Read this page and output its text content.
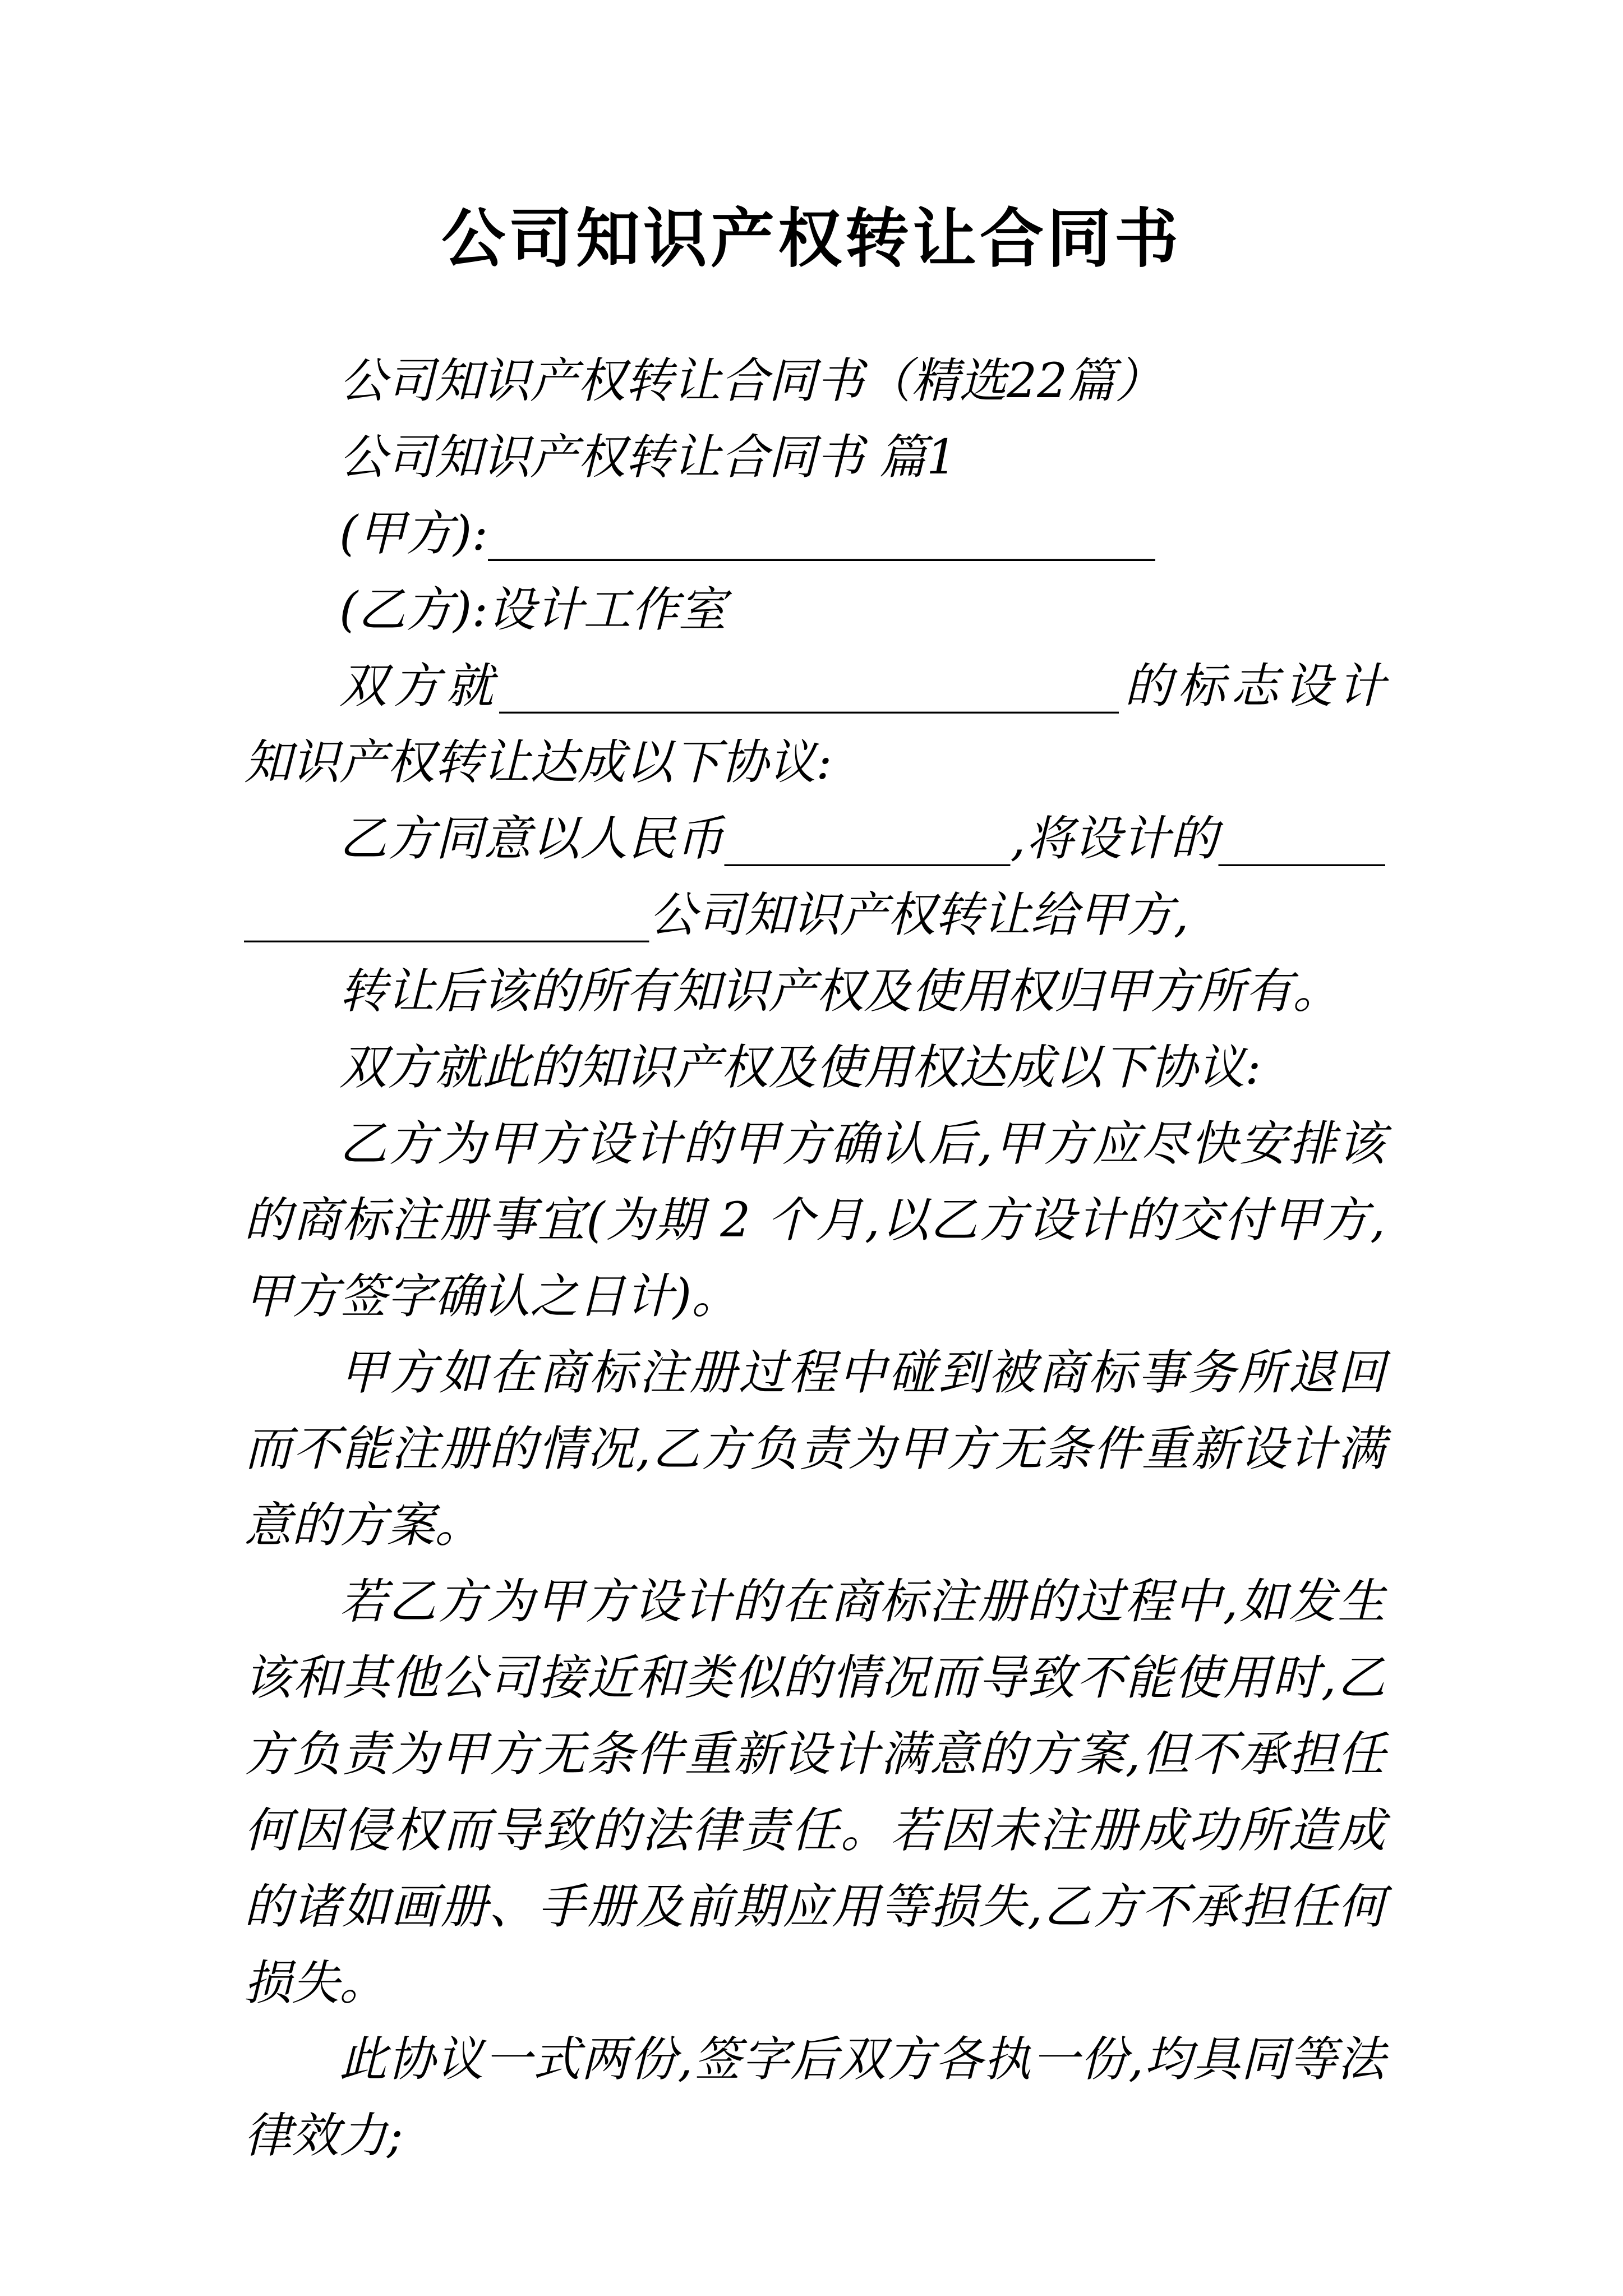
公司知识产权转让合同书

公司知识产权转让合同书（精选22篇）

公司知识产权转让合同书 篇1

(甲方):____________________________

(乙方):设计工作室

双方就__________________________的标志设计知识产权转让达成以下协议:

乙方同意以人民币____________,将设计的________________________公司知识产权转让给甲方,

转让后该的所有知识产权及使用权归甲方所有。

双方就此的知识产权及使用权达成以下协议:

乙方为甲方设计的甲方确认后,甲方应尽快安排该的商标注册事宜(为期 2 个月,以乙方设计的交付甲方,甲方签字确认之日计)。

甲方如在商标注册过程中碰到被商标事务所退回而不能注册的情况,乙方负责为甲方无条件重新设计满意的方案。

若乙方为甲方设计的在商标注册的过程中,如发生该和其他公司接近和类似的情况而导致不能使用时,乙方负责为甲方无条件重新设计满意的方案,但不承担任何因侵权而导致的法律责任。若因未注册成功所造成的诸如画册、手册及前期应用等损失,乙方不承担任何损失。

此协议一式两份,签字后双方各执一份,均具同等法律效力;
